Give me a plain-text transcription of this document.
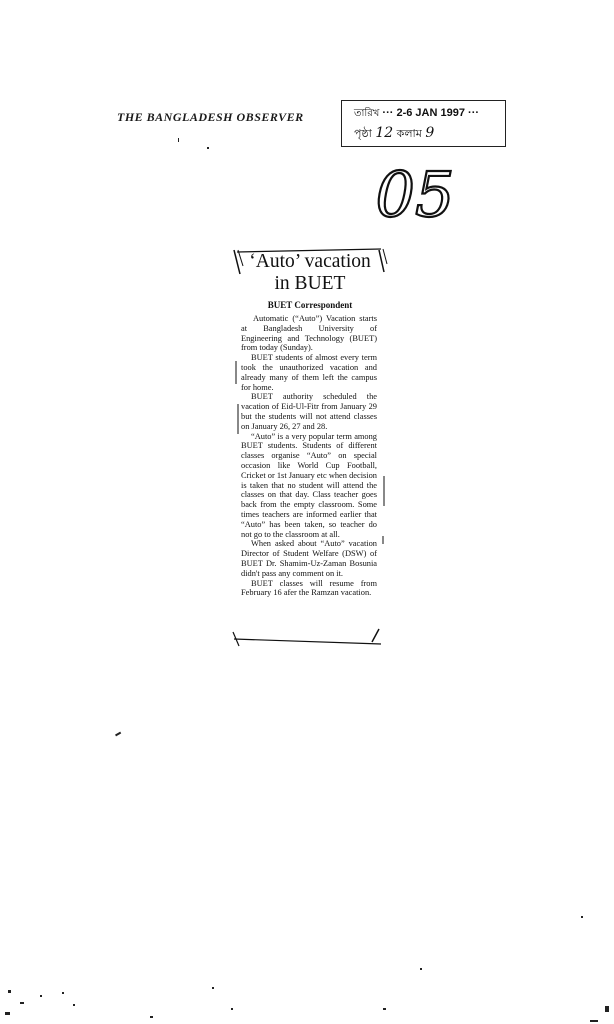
THE BANGLADESH OBSERVER	তারিখ ··· 2-6 JAN 1997 ···
পৃষ্ঠা 12 কলাম 9
05
‘Auto’ vacation
in BUET
BUET Correspondent

Automatic (“Auto”) Vacation starts at Bangladesh University of Engineering and Technology (BUET) from today (Sunday).

BUET students of almost every term took the unauthorized vacation and already many of them left the campus for home.

BUET authority scheduled the vacation of Eid-Ul-Fitr from January 29 but the students will not attend classes on January 26, 27 and 28.

“Auto” is a very popular term among BUET students. Students of different classes organise “Auto” on special occasion like World Cup Football, Cricket or 1st January etc when decision is taken that no student will attend the classes on that day. Class teacher goes back from the empty classroom. Some times teachers are informed earlier that “Auto” has been taken, so teacher do not go to the classroom at all.

When asked about “Auto” vacation Director of Student Welfare (DSW) of BUET Dr. Shamim-Uz-Zaman Bosunia didn't pass any comment on it.

BUET classes will resume from February 16 afer the Ramzan vacation.
